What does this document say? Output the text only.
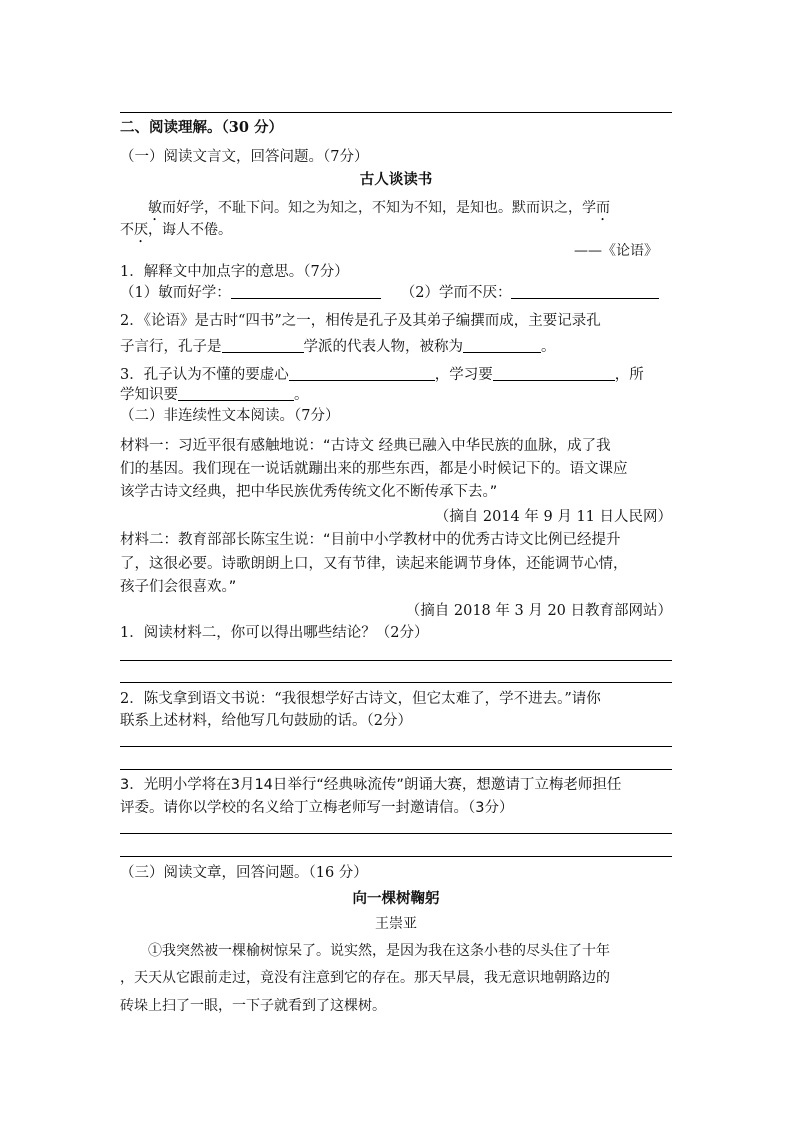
二、阅读理解。（30 分）
（一）阅读文言文，回答问题。（7分）
古人谈读书
敏而好学，不耻下问。知之为知之，不知为不知，是知也。默而识之，学而
不厌，诲人不倦。
——《论语》
1．解释文中加点字的意思。（7分）
（1）敏而好学：	（2）学而不厌：
2．《论语》是古时“四书”之一，相传是孔子及其弟子编撰而成，主要记录孔
子言行，孔子是	学派的代表人物，被称为	。
3．孔子认为不懂的要虚心	，学习要	，所
学知识要	。
（二）非连续性文本阅读。（7分）
材料一：习近平很有感触地说：“古诗文 经典已融入中华民族的血脉，成了我
们的基因。我们现在一说话就蹦出来的那些东西，都是小时候记下的。语文课应
该学古诗文经典，把中华民族优秀传统文化不断传承下去。”
（摘自 2014 年 9 月 11 日人民网）
材料二：教育部部长陈宝生说：“目前中小学教材中的优秀古诗文比例已经提升
了，这很必要。诗歌朗朗上口，又有节律，读起来能调节身体，还能调节心情，
孩子们会很喜欢。”
（摘自 2018 年 3 月 20 日教育部网站）
1．阅读材料二，你可以得出哪些结论？（2分）
2．陈戈拿到语文书说：“我很想学好古诗文，但它太难了，学不进去。”请你
联系上述材料，给他写几句鼓励的话。（2分）
3．光明小学将在3月14日举行“经典咏流传”朗诵大赛，想邀请丁立梅老师担任
评委。请你以学校的名义给丁立梅老师写一封邀请信。（3分）
（三）阅读文章，回答问题。（16 分）
向一棵树鞠躬
王崇亚
①我突然被一棵榆树惊呆了。说实然，是因为我在这条小巷的尽头住了十年
，天天从它跟前走过，竟没有注意到它的存在。那天早晨，我无意识地朝路边的
砖垛上扫了一眼，一下子就看到了这棵树。
